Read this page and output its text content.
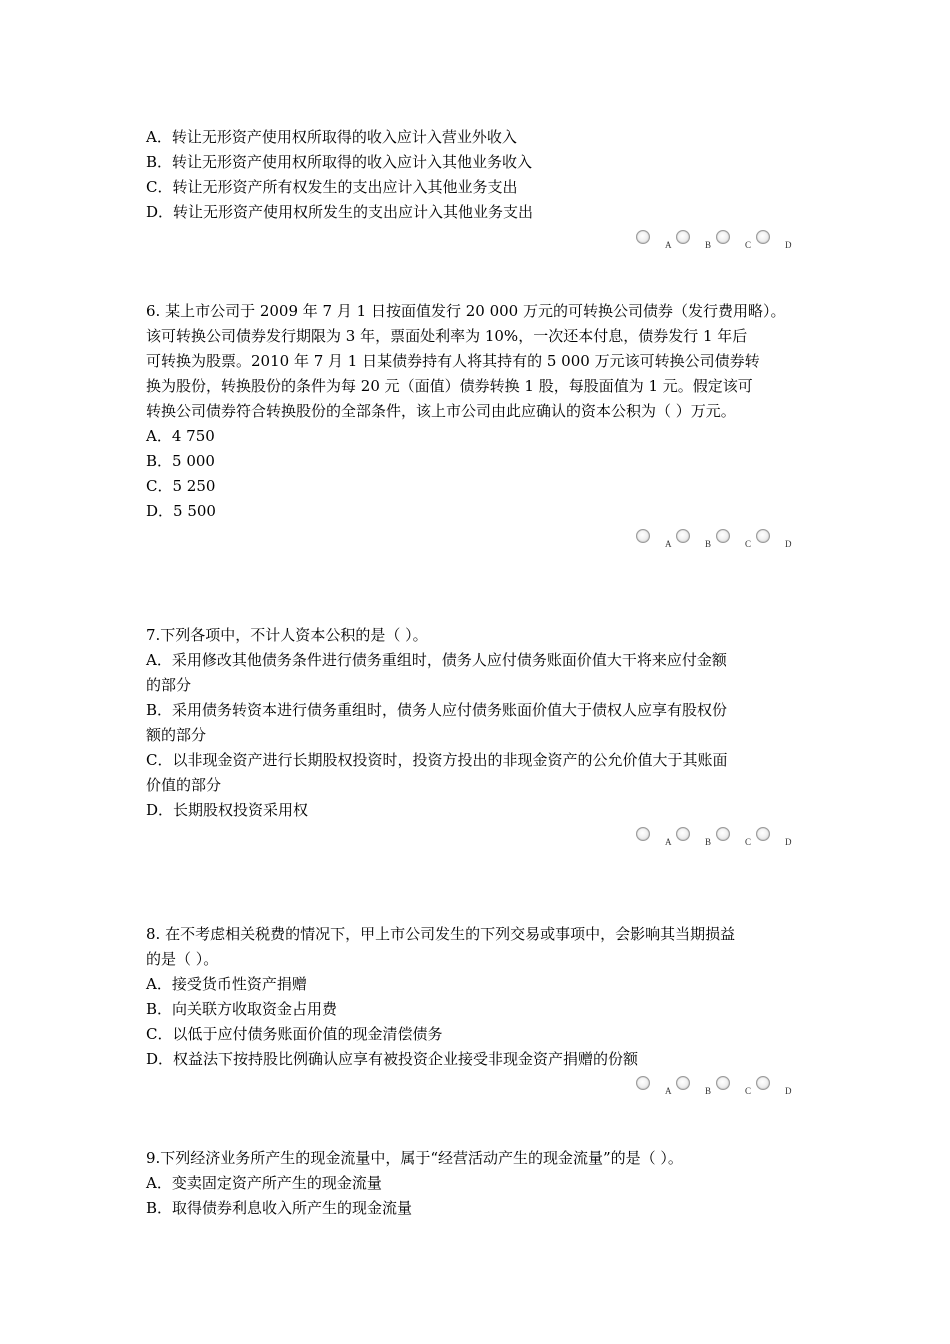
A．转让无形资产使用权所取得的收入应计入营业外收入
B．转让无形资产使用权所取得的收入应计入其他业务收入
C．转让无形资产所有权发生的支出应计入其他业务支出
D．转让无形资产使用权所发生的支出应计入其他业务支出
A	B	C	D
6. 某上市公司于 2009 年 7 月 1 日按面值发行 20 000 万元的可转换公司债券（发行费用略）。
该可转换公司债券发行期限为 3 年，票面处利率为 10%，一次还本付息，债券发行 1 年后
可转换为股票。2010 年 7 月 1 日某债券持有人将其持有的 5 000 万元该可转换公司债券转
换为股份，转换股份的条件为每 20 元（面值）债券转换 1 股，每股面值为 1 元。假定该可
转换公司债券符合转换股份的全部条件，该上市公司由此应确认的资本公积为（ ）万元。
A．4 750
B．5 000
C．5 250
D．5 500
A	B	C	D
7.下列各项中，不计人资本公积的是（ ）。
A．采用修改其他债务条件进行债务重组时，债务人应付债务账面价值大干将来应付金额
的部分
B．采用债务转资本进行债务重组时，债务人应付债务账面价值大于债权人应享有股权份
额的部分
C．以非现金资产进行长期股权投资时，投资方投出的非现金资产的公允价值大于其账面
价值的部分
D．长期股权投资采用权
A	B	C	D
8. 在不考虑相关税费的情况下，甲上市公司发生的下列交易或事项中，会影响其当期损益
的是（ ）。
A．接受货币性资产捐赠
B．向关联方收取资金占用费
C．以低于应付债务账面价值的现金清偿债务
D．权益法下按持股比例确认应享有被投资企业接受非现金资产捐赠的份额
A	B	C	D
9.下列经济业务所产生的现金流量中，属于“经营活动产生的现金流量”的是（ ）。
A．变卖固定资产所产生的现金流量
B．取得债券利息收入所产生的现金流量
